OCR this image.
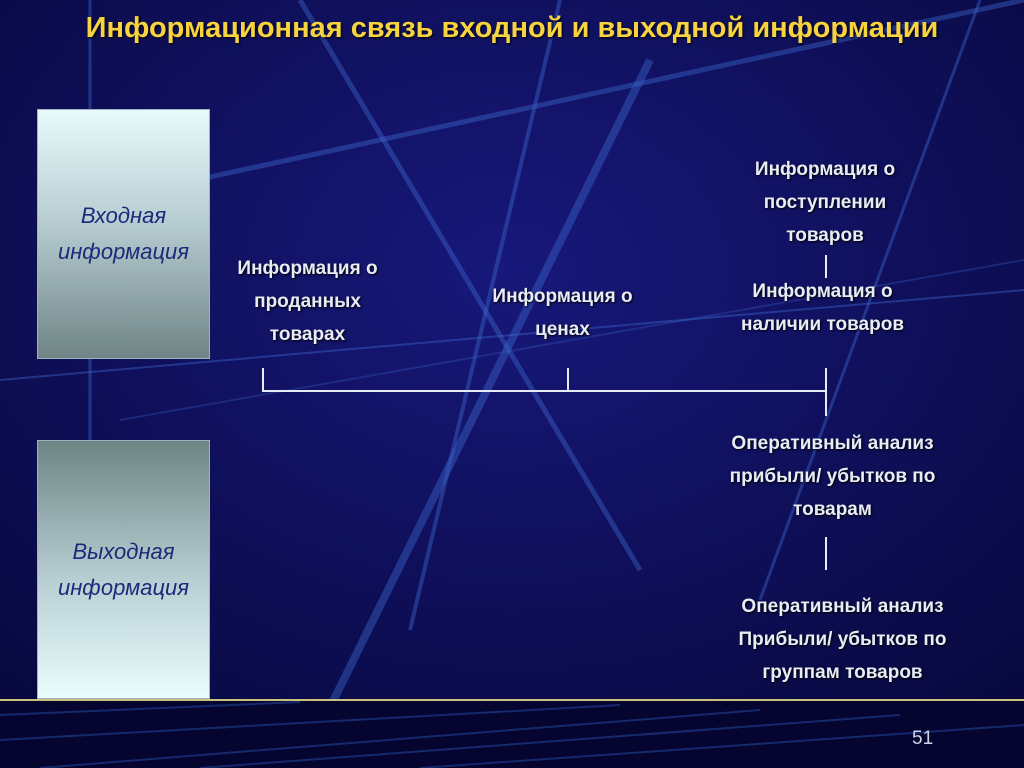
Информационная связь входной и выходной информации
Входная информация
Выходная информация
Информация о проданных товарах
Информация о ценах
Информация о поступлении товаров
Информация о наличии товаров
Оперативный анализ прибыли/ убытков по товарам
Оперативный анализ Прибыли/ убытков по группам товаров
51
